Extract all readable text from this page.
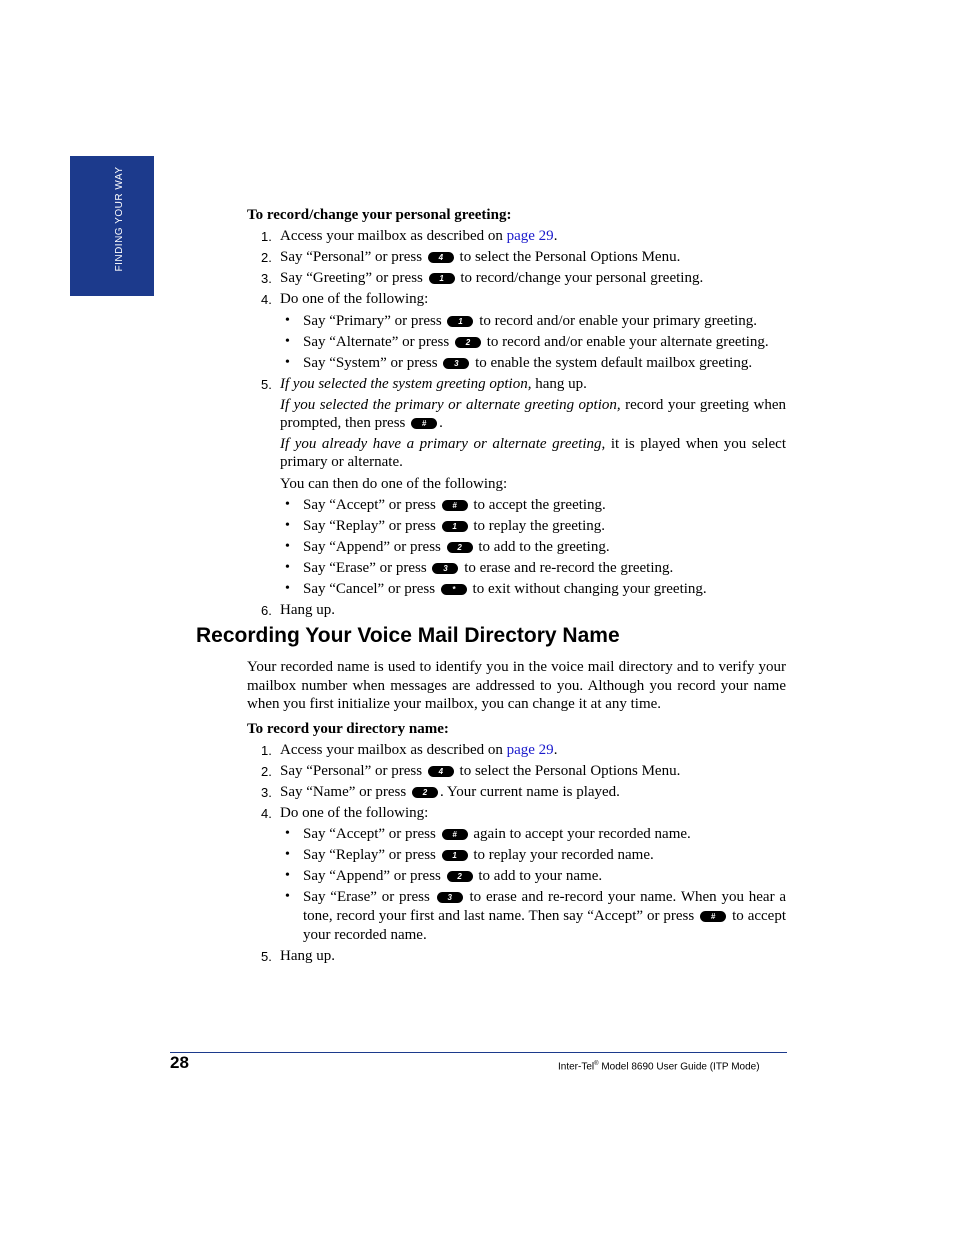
FINDING YOUR WAY	To record/change your personal greeting:
1. Access your mailbox as described on page 29.
2. Say “Personal” or press 4 to select the Personal Options Menu.
3. Say “Greeting” or press 1 to record/change your personal greeting.
4. Do one of the following:
• Say “Primary” or press 1 to record and/or enable your primary greeting.
• Say “Alternate” or press 2 to record and/or enable your alternate greeting.
• Say “System” or press 3 to enable the system default mailbox greeting.
5. If you selected the system greeting option, hang up.
If you selected the primary or alternate greeting option, record your greeting when prompted, then press # .
If you already have a primary or alternate greeting, it is played when you select primary or alternate.
You can then do one of the following:
• Say “Accept” or press # to accept the greeting.
• Say “Replay” or press 1 to replay the greeting.
• Say “Append” or press 2 to add to the greeting.
• Say “Erase” or press 3 to erase and re-record the greeting.
• Say “Cancel” or press * to exit without changing your greeting.
6. Hang up.
Recording Your Voice Mail Directory Name
Your recorded name is used to identify you in the voice mail directory and to verify your mailbox number when messages are addressed to you. Although you record your name when you first initialize your mailbox, you can change it at any time.
To record your directory name:
1. Access your mailbox as described on page 29.
2. Say “Personal” or press 4 to select the Personal Options Menu.
3. Say “Name” or press 2 . Your current name is played.
4. Do one of the following:
• Say “Accept” or press # again to accept your recorded name.
• Say “Replay” or press 1 to replay your recorded name.
• Say “Append” or press 2 to add to your name.
• Say “Erase” or press 3 to erase and re-record your name. When you hear a tone, record your first and last name. Then say “Accept” or press # to accept your recorded name.
5. Hang up.
28	Inter-Tel® Model 8690 User Guide (ITP Mode)
